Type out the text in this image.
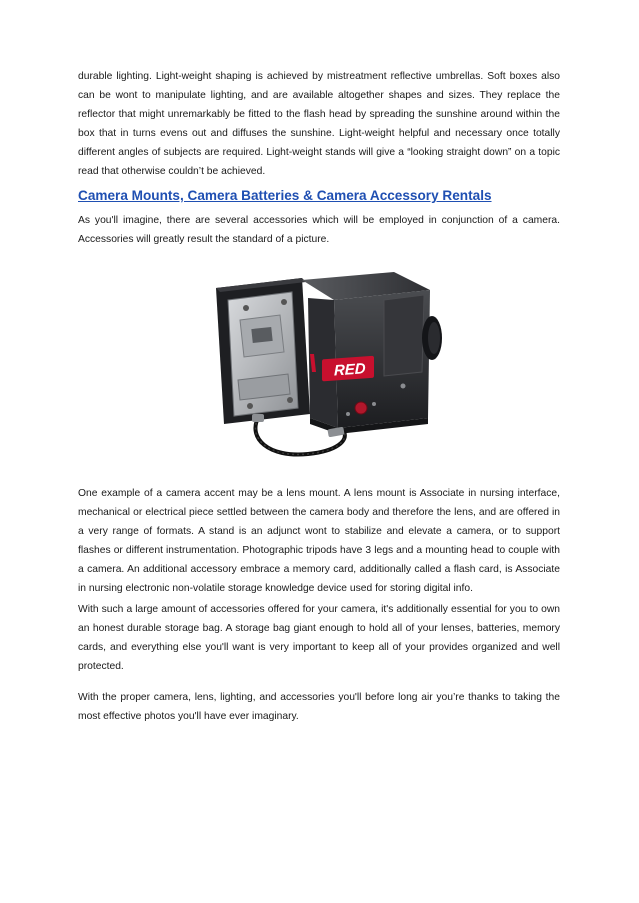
durable lighting. Light-weight shaping is achieved by mistreatment reflective umbrellas. Soft boxes also can be wont to manipulate lighting, and are available altogether shapes and sizes. They replace the reflector that might unremarkably be fitted to the flash head by spreading the sunshine around within the box that in turns evens out and diffuses the sunshine. Light-weight helpful and necessary once totally different angles of subjects are required. Light-weight stands will give a “looking straight down” on a topic read that otherwise couldn’t be achieved.

Camera Mounts, Camera Batteries & Camera Accessory Rentals

As you'll imagine, there are several accessories which will be employed in conjunction of a camera. Accessories will greatly result the standard of a picture.

RED

One example of a camera accent may be a lens mount. A lens mount is Associate in nursing interface, mechanical or electrical piece settled between the camera body and therefore the lens, and are offered in a very range of formats. A stand is an adjunct wont to stabilize and elevate a camera, or to support flashes or different instrumentation. Photographic tripods have 3 legs and a mounting head to couple with a camera. An additional accessory embrace a memory card, additionally called a flash card, is Associate in nursing electronic non-volatile storage knowledge device used for storing digital info.

With such a large amount of accessories offered for your camera, it's additionally essential for you to own an honest durable storage bag. A storage bag giant enough to hold all of your lenses, batteries, memory cards, and everything else you'll want is very important to keep all of your provides organized and well protected.

With the proper camera, lens, lighting, and accessories you'll before long air you’re thanks to taking the most effective photos you'll have ever imaginary.
